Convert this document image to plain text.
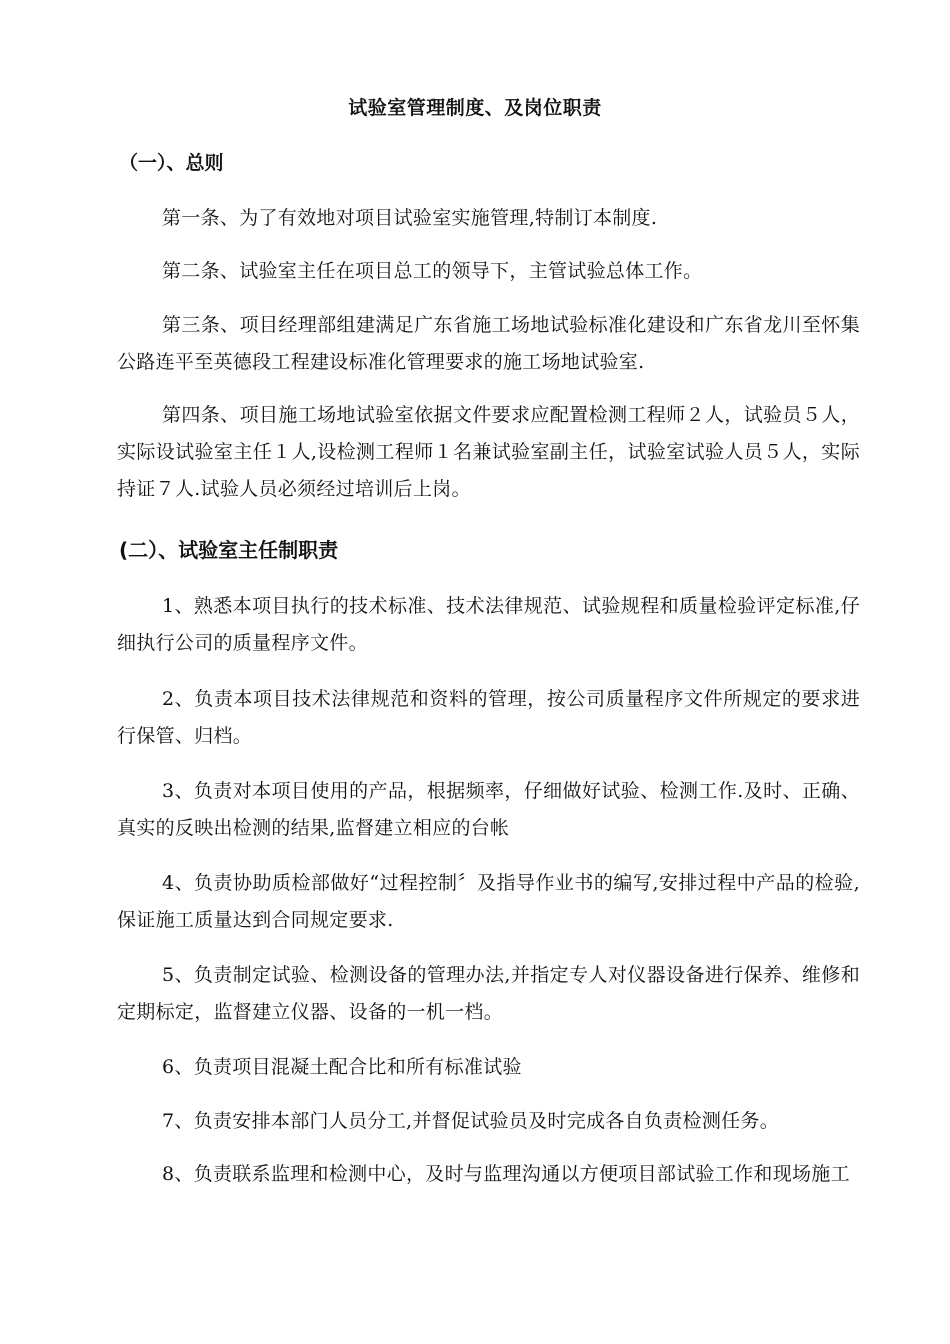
试验室管理制度、及岗位职责
（一）、总则

第一条、为了有效地对项目试验室实施管理,特制订本制度.

第二条、试验室主任在项目总工的领导下，主管试验总体工作。

第三条、项目经理部组建满足广东省施工场地试验标准化建设和广东省龙川至怀集公路连平至英德段工程建设标准化管理要求的施工场地试验室.

第四条、项目施工场地试验室依据文件要求应配置检测工程师２人，试验员５人，实际设试验室主任１人,设检测工程师１名兼试验室副主任，试验室试验人员５人，实际持证７人.试验人员必须经过培训后上岗。

(二）、试验室主任制职责

1、熟悉本项目执行的技术标准、技术法律规范、试验规程和质量检验评定标准,仔细执行公司的质量程序文件。

2、负责本项目技术法律规范和资料的管理，按公司质量程序文件所规定的要求进行保管、归档。

3、负责对本项目使用的产品，根据频率，仔细做好试验、检测工作.及时、正确、真实的反映出检测的结果,监督建立相应的台帐

4、负责协助质检部做好“过程控制〞及指导作业书的编写,安排过程中产品的检验,保证施工质量达到合同规定要求.

5、负责制定试验、检测设备的管理办法,并指定专人对仪器设备进行保养、维修和定期标定，监督建立仪器、设备的一机一档。

6、负责项目混凝土配合比和所有标准试验

7、负责安排本部门人员分工,并督促试验员及时完成各自负责检测任务。

8、负责联系监理和检测中心，及时与监理沟通以方便项目部试验工作和现场施工
